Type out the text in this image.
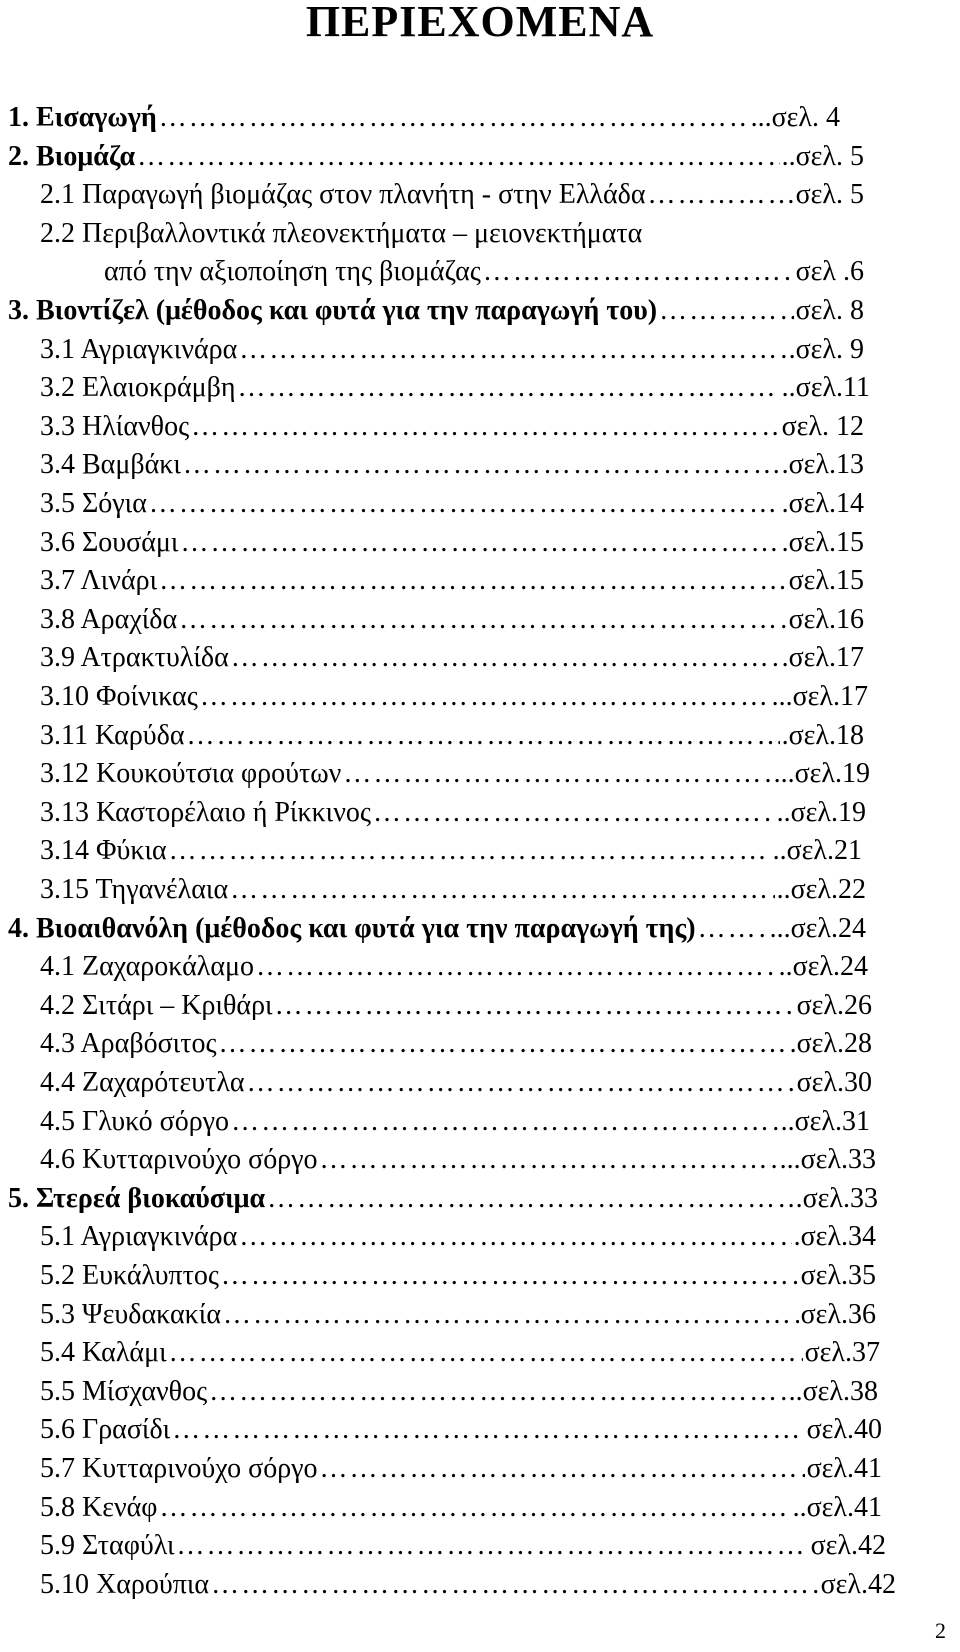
ΠΕΡΙΕΧΟΜΕΝΑ
1. Εισαγωγή ………………………………………………………………………………………………………………………………………………………………………………………	...σελ. 4
2. Βιομάζα ………………………………………………………………………………………………………………………………………………………………………………………	..σελ. 5
2.1 Παραγωγή βιομάζας στον πλανήτη - στην Ελλάδα ………………………………………………………………………………………………………………………………………………………………………………………	σελ. 5
2.2 Περιβαλλοντικά πλεονεκτήματα – μειονεκτήματα
από την αξιοποίηση της βιομάζας ………………………………………………………………………………………………………………………………………………………………………………………	σελ .6
3. Βιοντίζελ (μέθοδος και φυτά για την παραγωγή του) ………………………………………………………………………………………………………………………………………………………………………………………	σελ. 8
3.1 Αγριαγκινάρα ………………………………………………………………………………………………………………………………………………………………………………………	.σελ. 9
3.2 Ελαιοκράμβη ………………………………………………………………………………………………………………………………………………………………………………………	..σελ.11
3.3 Ηλίανθος ………………………………………………………………………………………………………………………………………………………………………………………	σελ. 12
3.4 Βαμβάκι ………………………………………………………………………………………………………………………………………………………………………………………	.σελ.13
3.5 Σόγια ………………………………………………………………………………………………………………………………………………………………………………………	.σελ.14
3.6 Σουσάμι ………………………………………………………………………………………………………………………………………………………………………………………	.σελ.15
3.7 Λινάρι ………………………………………………………………………………………………………………………………………………………………………………………	σελ.15
3.8 Αραχίδα ………………………………………………………………………………………………………………………………………………………………………………………	σελ.16
3.9 Ατρακτυλίδα ………………………………………………………………………………………………………………………………………………………………………………………	.σελ.17
3.10 Φοίνικας ………………………………………………………………………………………………………………………………………………………………………………………	...σελ.17
3.11 Καρύδα ………………………………………………………………………………………………………………………………………………………………………………………	.σελ.18
3.12 Κουκούτσια φρούτων ………………………………………………………………………………………………………………………………………………………………………………………	...σελ.19
3.13 Καστορέλαιο ή Ρίκκινος ………………………………………………………………………………………………………………………………………………………………………………………	..σελ.19
3.14 Φύκια ………………………………………………………………………………………………………………………………………………………………………………………	..σελ.21
3.15 Τηγανέλαια ………………………………………………………………………………………………………………………………………………………………………………………	..σελ.22
4. Βιοαιθανόλη (μέθοδος και φυτά για την παραγωγή της) ………………………………………………………………………………………………………………………………………………………………………………………	...σελ.24
4.1 Ζαχαροκάλαμο ………………………………………………………………………………………………………………………………………………………………………………………	..σελ.24
4.2 Σιτάρι – Κριθάρι ………………………………………………………………………………………………………………………………………………………………………………………	σελ.26
4.3 Αραβόσιτος ………………………………………………………………………………………………………………………………………………………………………………………	σελ.28
4.4 Ζαχαρότευτλα ………………………………………………………………………………………………………………………………………………………………………………………	σελ.30
4.5 Γλυκό σόργο ………………………………………………………………………………………………………………………………………………………………………………………	..σελ.31
4.6 Κυτταρινούχο σόργο ………………………………………………………………………………………………………………………………………………………………………………………	...σελ.33
5. Στερεά βιοκαύσιμα ………………………………………………………………………………………………………………………………………………………………………………………	.σελ.33
5.1 Αγριαγκινάρα ………………………………………………………………………………………………………………………………………………………………………………………	.σελ.34
5.2 Ευκάλυπτος ………………………………………………………………………………………………………………………………………………………………………………………	σελ.35
5.3 Ψευδακακία ………………………………………………………………………………………………………………………………………………………………………………………	σελ.36
5.4 Καλάμι ………………………………………………………………………………………………………………………………………………………………………………………	σελ.37
5.5 Μίσχανθος ………………………………………………………………………………………………………………………………………………………………………………………	..σελ.38
5.6 Γρασίδι ………………………………………………………………………………………………………………………………………………………………………………………	σελ.40
5.7 Κυτταρινούχο σόργο ………………………………………………………………………………………………………………………………………………………………………………………	σελ.41
5.8 Κενάφ ………………………………………………………………………………………………………………………………………………………………………………………	..σελ.41
5.9 Σταφύλι ………………………………………………………………………………………………………………………………………………………………………………………	σελ.42
5.10 Χαρούπια ………………………………………………………………………………………………………………………………………………………………………………………	σελ.42
2
